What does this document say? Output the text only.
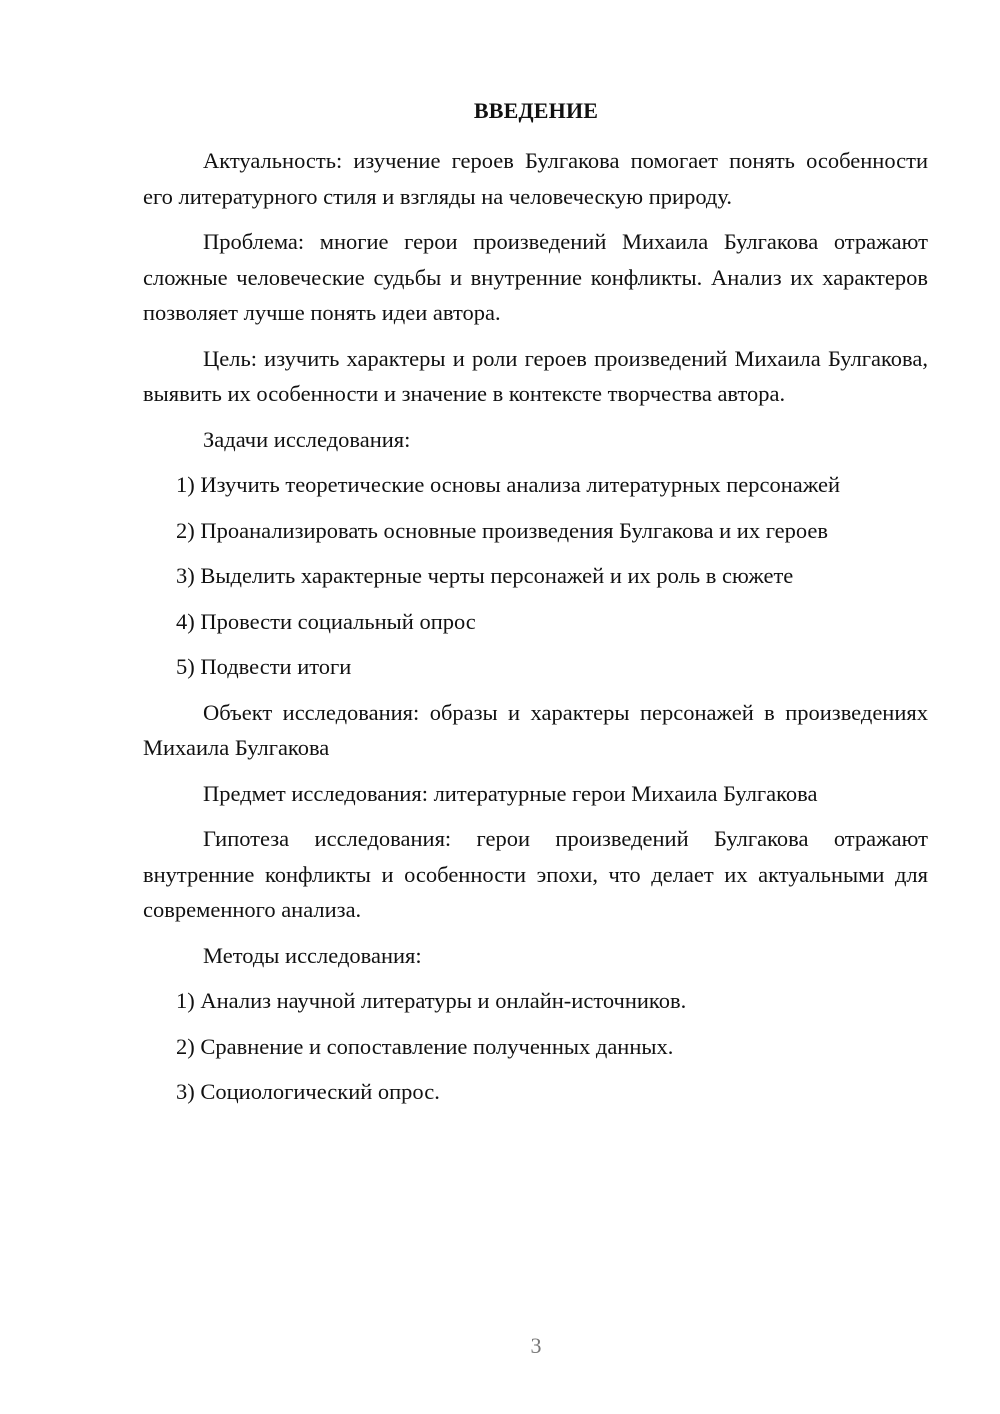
ВВЕДЕНИЕ

Актуальность: изучение героев Булгакова помогает понять особенности его литературного стиля и взгляды на человеческую природу.

Проблема: многие герои произведений Михаила Булгакова отражают сложные человеческие судьбы и внутренние конфликты. Анализ их характеров позволяет лучше понять идеи автора.

Цель: изучить характеры и роли героев произведений Михаила Булгакова, выявить их особенности и значение в контексте творчества автора.

Задачи исследования:

1) Изучить теоретические основы анализа литературных персонажей

2) Проанализировать основные произведения Булгакова и их героев

3) Выделить характерные черты персонажей и их роль в сюжете

4) Провести социальный опрос

5) Подвести итоги

Объект исследования: образы и характеры персонажей в произведениях Михаила Булгакова

Предмет исследования: литературные герои Михаила Булгакова

Гипотеза исследования: герои произведений Булгакова отражают внутренние конфликты и особенности эпохи, что делает их актуальными для современного анализа.

Методы исследования:

1) Анализ научной литературы и онлайн-источников.

2) Сравнение и сопоставление полученных данных.

3) Социологический опрос.

3
